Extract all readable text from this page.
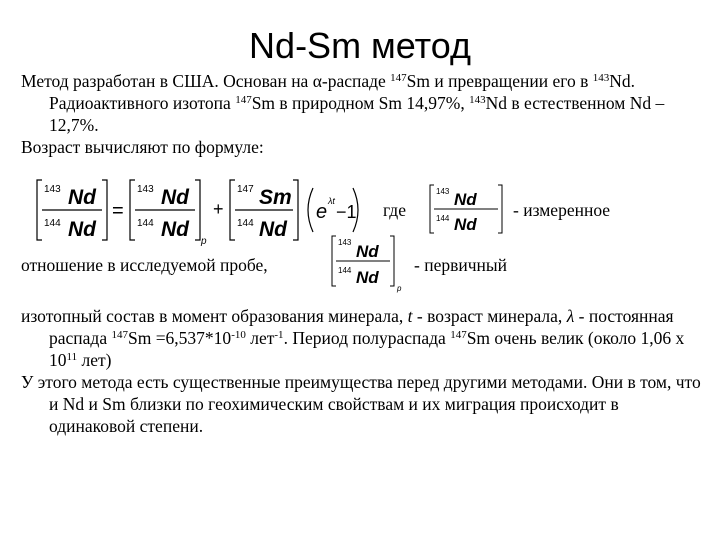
Nd-Sm метод

Метод разработан в США. Основан на α-распаде $^{147}$Sm и превращении его в $^{143}$Nd. Радиоактивного изотопа $^{147}$Sm в природном Sm 14,97%, $^{143}$Nd в естественном Nd – 12,7%.

Возраст вычисляют по формуле:

143 Nd
144 Nd
=
143 Nd
144 Nd
p
+
147 Sm
144 Nd
e λt
−1 где
143 Nd
144 Nd
- измеренное
отношение в исследуемой пробе,
143 Nd
144 Nd
p
- первичный

изотопный состав в момент образования минерала, t - возраст минерала, λ - постоянная распада $^{147}Sm =6,537*10^{-10}$ лет$^{-1}$. Период полураспада $^{147}$Sm очень велик (около 1,06 х $10^{11}$ лет)

У этого метода есть существенные преимущества перед другими методами. Они в том, что и Nd и Sm близки по геохимическим свойствам и их миграция происходит в одинаковой степени.
